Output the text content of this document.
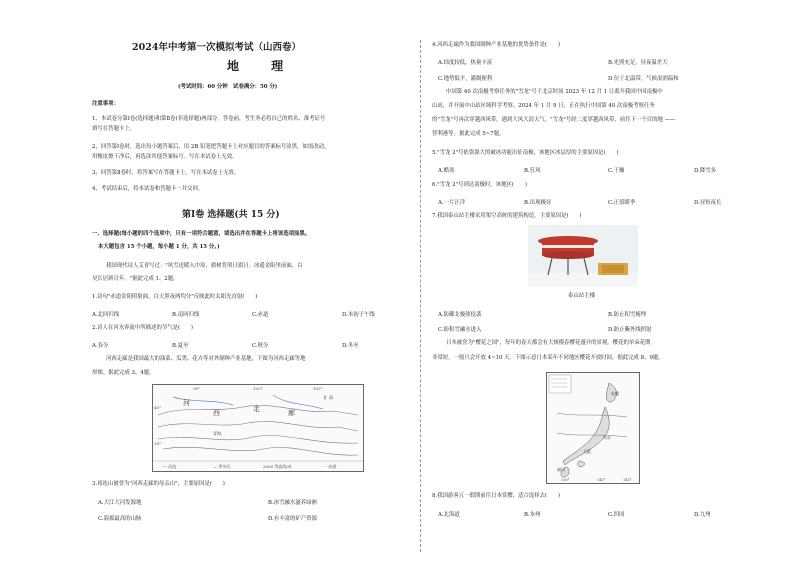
2024年中考第一次模拟考试（山西卷）
地 理
(考试时间：60 分钟　试卷满分：50 分)
注意事项：
1、本试卷分第Ⅰ卷(选择题)和第Ⅱ卷(非选择题)两部分。答卷前，考生务必将自己的姓名、准考证号
填写在答题卡上。
2、回答第Ⅰ卷时，选出每小题答案后，用 2B 铅笔把答题卡上对应题目的答案标号涂黑，如需改动，
用橡皮擦干净后，再选涂其他答案标号。写在本试卷上无效。
3、回答第Ⅱ卷时，将答案写在答题卡上。写在本试卷上无效。
4、考试结束后，将本试卷和答题卡一并交回。
第Ⅰ卷 选择题(共 15 分)
一、选择题(每小题的四个选项中，只有一项符合题意，请选出并在答题卡上将该选项涂黑。
本大题包含 15 个小题，每小题 1 分，共 15 分。)
我国现代诗人艾青写过："风雪送暖入中原，旗树普照日旗日。冰遥金阳里前面，白
昊长居新日年。"据此完成 1、2题。
1.诗句"赤道金阳照射面，白天黑夜两均分"反映此时太阳光直射(　　)
A.北回归线	B.南回归线	C.赤道	D.本初子午线
2.诗人在河水奔流中所描述的节气是(　　)
A.春分	B.夏至	C.秋分	D.冬至
河西走廊是我国最大的油菜、瓜类、花卉等对外制种产业基地，下图为河西走廊等地
形图。据此完成 3、4题。
河
西	走	廊
甘 肃
青海
98°	100°	102°
40°
38°
～ 河流	— 季节河	2000 等高线/米	⋯ 沙漠
3.祁连山被誉为"河西走廊的母亲山"，主要原因是(　　)
A.大江大河发源地	B.冰雪融水滋养绿洲
C.海拔最高的山脉	D.有丰富的矿产资源
4.河西走廊作为我国制种产业基地的优势条件是(　　)
A.纬度较低，热量丰富	B.光照充足，昼夜温差大
C.地势低平，灌溉便利	D.位于北温带，气候湿润温和
中国第 40 次南极考察任务的"雪龙"号于北京时间 2023 年 12 月 1 日离开我国中国南极中
山站，并开展中山站区域科学考察。2024 年 1 月 9 日，正在执行中国第 40 次南极考察任务
的"雪龙"号再次穿越西风带，遇到大风大浪天气。"雪龙"号经二度穿越西风带，前往下一个目的地 ——
智利港等。据此完成 5~7题。
5."雪龙 2"号依靠强大的破冰功能出征南极，该地区冰层厚的主要原因是(　　)
A.酷寒	B.狂风	C.干燥	D.降雪多
6."雪龙 2"号到达南极时，该地区(　　)
A.一片汪洋	B.出现极昼	C.正值暖季	D.昼短夜长
7.我国泰山站主楼采用架空高桩的建筑构造，主要原因是(　　)
泰山站主楼
A.防御北极熊侵袭	B.防止积雪掩埋
C.防积雪融水进入	D.防止紫外线照射
日本被誉为"樱花之国"，每年的春天都会有大规模春樱花盛开的景观。樱花的单朵花期
非常短，一般只会开放 4~10 天。下图示意日本某年不同地区樱花开放时间。据此完成 8、9题。
札幌
东京
大阪
福冈
130°	140°	145°
8.我国游客五一假期前往日本赏樱，适合选择去(　　)
A.北海道	B.本州	C.四国	D.九州
